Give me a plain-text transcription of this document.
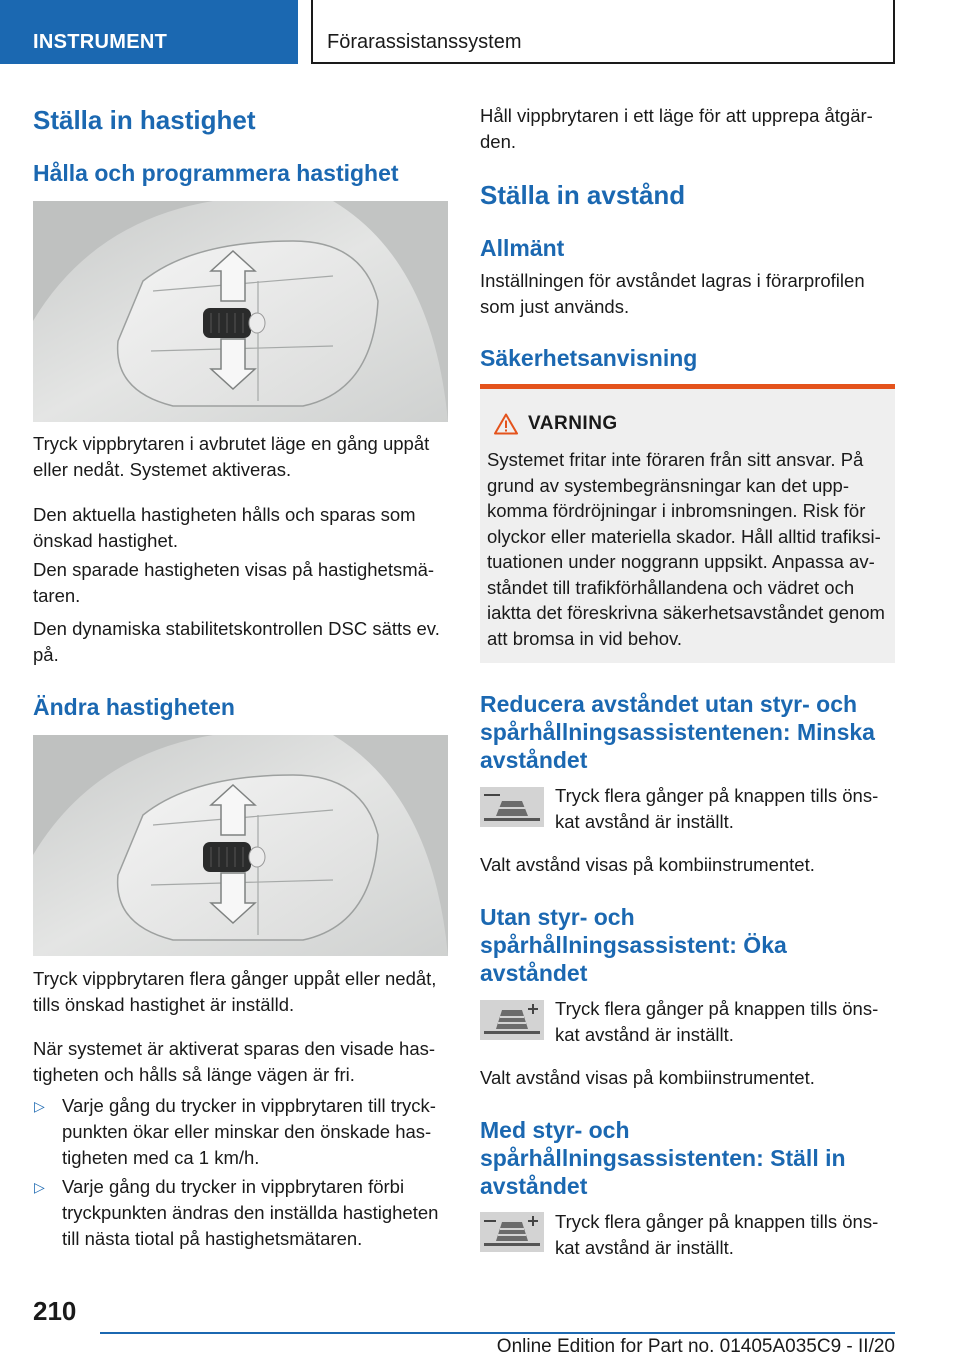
INSTRUMENT	Förarassistanssystem
Ställa in hastighet
Hålla och programmera hastighet

Tryck vippbrytaren i avbrutet läge en gång uppåt eller nedåt. Systemet aktiveras.

Den aktuella hastigheten hålls och sparas som önskad hastighet.

Den sparade hastigheten visas på hastighetsmätaren.

Den dynamiska stabilitetskontrollen DSC sätts ev. på.

Ändra hastigheten

Tryck vippbrytaren flera gånger uppåt eller nedåt, tills önskad hastighet är inställd.

När systemet är aktiverat sparas den visade hastigheten och hålls så länge vägen är fri.

▷ Varje gång du trycker in vippbrytaren till tryckpunkten ökar eller minskar den önskade hastigheten med ca 1 km/h.
▷ Varje gång du trycker in vippbrytaren förbi tryckpunkten ändras den inställda hastigheten till nästa tiotal på hastighetsmätaren.

Håll vippbrytaren i ett läge för att upprepa åtgärden.

Ställa in avstånd
Allmänt

Inställningen för avståndet lagras i förarprofilen som just används.

Säkerhetsanvisning
VARNING
Systemet fritar inte föraren från sitt ansvar. På grund av systembegränsningar kan det uppkomma fördröjningar i inbromsningen. Risk för olyckor eller materiella skador. Håll alltid trafiksituationen under noggrann uppsikt. Anpassa avståndet till trafikförhållandena och vädret och iaktta det föreskrivna säkerhetsavståndet genom att bromsa in vid behov.
Reducera avståndet utan styr- och spårhållningsassistentenen: Minska avståndet

Tryck flera gånger på knappen tills önskat avstånd är inställt.

Valt avstånd visas på kombiinstrumentet.

Utan styr- och spårhållningsassistent: Öka avståndet

Tryck flera gånger på knappen tills önskat avstånd är inställt.

Valt avstånd visas på kombiinstrumentet.

Med styr- och spårhållningsassistenten: Ställ in avståndet

Tryck flera gånger på knappen tills önskat avstånd är inställt.

210
Online Edition for Part no. 01405A035C9 - II/20
